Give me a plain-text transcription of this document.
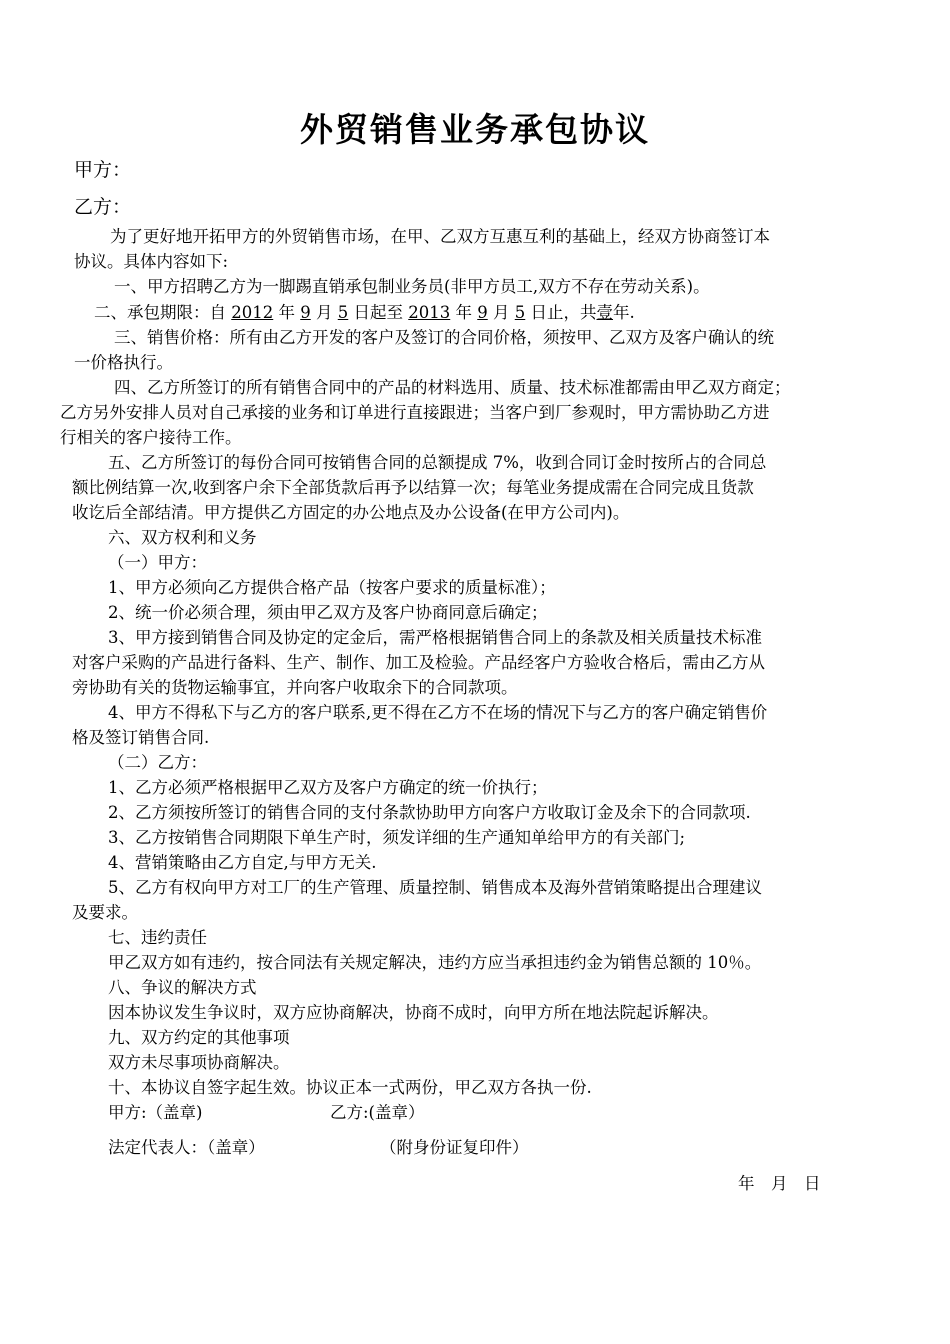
外贸销售业务承包协议
甲方：
乙方：
为了更好地开拓甲方的外贸销售市场，在甲、乙双方互惠互利的基础上，经双方协商签订本
协议。具体内容如下:
一、甲方招聘乙方为一脚踢直销承包制业务员(非甲方员工,双方不存在劳动关系)。
二、承包期限：自 2012 年 9 月 5 日起至 2013 年 9 月 5 日止，共壹年.
三、销售价格：所有由乙方开发的客户及签订的合同价格，须按甲、乙双方及客户确认的统
一价格执行。
四、乙方所签订的所有销售合同中的产品的材料选用、质量、技术标准都需由甲乙双方商定；
乙方另外安排人员对自己承接的业务和订单进行直接跟进；当客户到厂参观时，甲方需协助乙方进
行相关的客户接待工作。
五、乙方所签订的每份合同可按销售合同的总额提成 7%，收到合同订金时按所占的合同总
额比例结算一次,收到客户余下全部货款后再予以结算一次；每笔业务提成需在合同完成且货款
收讫后全部结清。甲方提供乙方固定的办公地点及办公设备(在甲方公司内)。
六、双方权利和义务
（一）甲方：
1、甲方必须向乙方提供合格产品（按客户要求的质量标准）；
2、统一价必须合理，须由甲乙双方及客户协商同意后确定；
3、甲方接到销售合同及协定的定金后，需严格根据销售合同上的条款及相关质量技术标准
对客户采购的产品进行备料、生产、制作、加工及检验。产品经客户方验收合格后，需由乙方从
旁协助有关的货物运输事宜，并向客户收取余下的合同款项。
4、甲方不得私下与乙方的客户联系,更不得在乙方不在场的情况下与乙方的客户确定销售价
格及签订销售合同.
（二）乙方：
1、乙方必须严格根据甲乙双方及客户方确定的统一价执行；
2、乙方须按所签订的销售合同的支付条款协助甲方向客户方收取订金及余下的合同款项.
3、乙方按销售合同期限下单生产时，须发详细的生产通知单给甲方的有关部门;
4、营销策略由乙方自定,与甲方无关.
5、乙方有权向甲方对工厂的生产管理、质量控制、销售成本及海外营销策略提出合理建议
及要求。
七、违约责任
甲乙双方如有违约，按合同法有关规定解决，违约方应当承担违约金为销售总额的 10％。
八、争议的解决方式
因本协议发生争议时，双方应协商解决，协商不成时，向甲方所在地法院起诉解决。
九、双方约定的其他事项
双方未尽事项协商解决。
十、本协议自签字起生效。协议正本一式两份，甲乙双方各执一份.
甲方:（盖章)	乙方:(盖章）
法定代表人：（盖章）	（附身份证复印件）
年　月　日
